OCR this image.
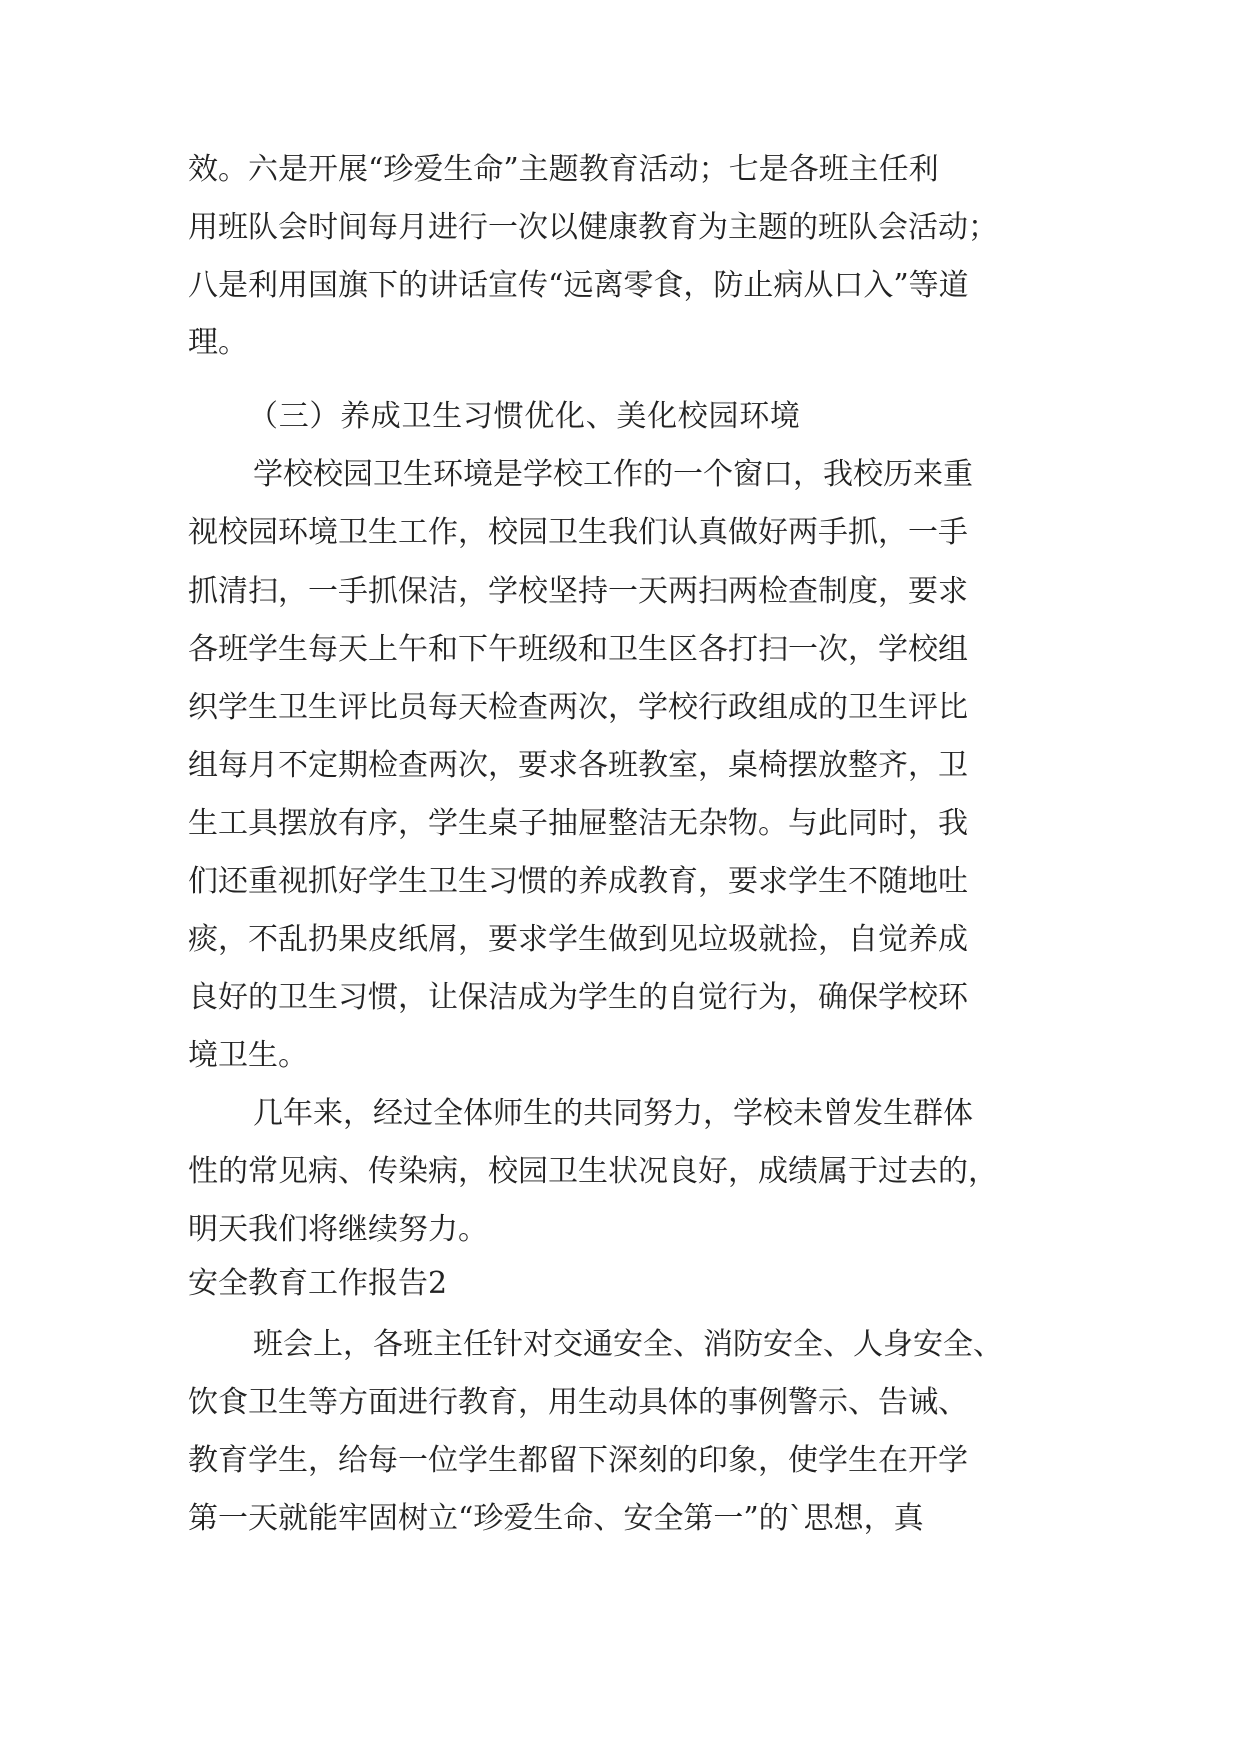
效。六是开展“珍爱生命”主题教育活动；七是各班主任利

用班队会时间每月进行一次以健康教育为主题的班队会活动；

八是利用国旗下的讲话宣传“远离零食，防止病从口入”等道

理。

（三）养成卫生习惯优化、美化校园环境

学校校园卫生环境是学校工作的一个窗口，我校历来重

视校园环境卫生工作，校园卫生我们认真做好两手抓，一手

抓清扫，一手抓保洁，学校坚持一天两扫两检查制度，要求

各班学生每天上午和下午班级和卫生区各打扫一次，学校组

织学生卫生评比员每天检查两次，学校行政组成的卫生评比

组每月不定期检查两次，要求各班教室，桌椅摆放整齐，卫

生工具摆放有序，学生桌子抽屉整洁无杂物。与此同时，我

们还重视抓好学生卫生习惯的养成教育，要求学生不随地吐

痰，不乱扔果皮纸屑，要求学生做到见垃圾就捡，自觉养成

良好的卫生习惯，让保洁成为学生的自觉行为，确保学校环

境卫生。

几年来，经过全体师生的共同努力，学校未曾发生群体

性的常见病、传染病，校园卫生状况良好，成绩属于过去的，

明天我们将继续努力。

安全教育工作报告2

班会上，各班主任针对交通安全、消防安全、人身安全、

饮食卫生等方面进行教育，用生动具体的事例警示、告诫、

教育学生，给每一位学生都留下深刻的印象，使学生在开学

第一天就能牢固树立“珍爱生命、安全第一”的`思想，真
